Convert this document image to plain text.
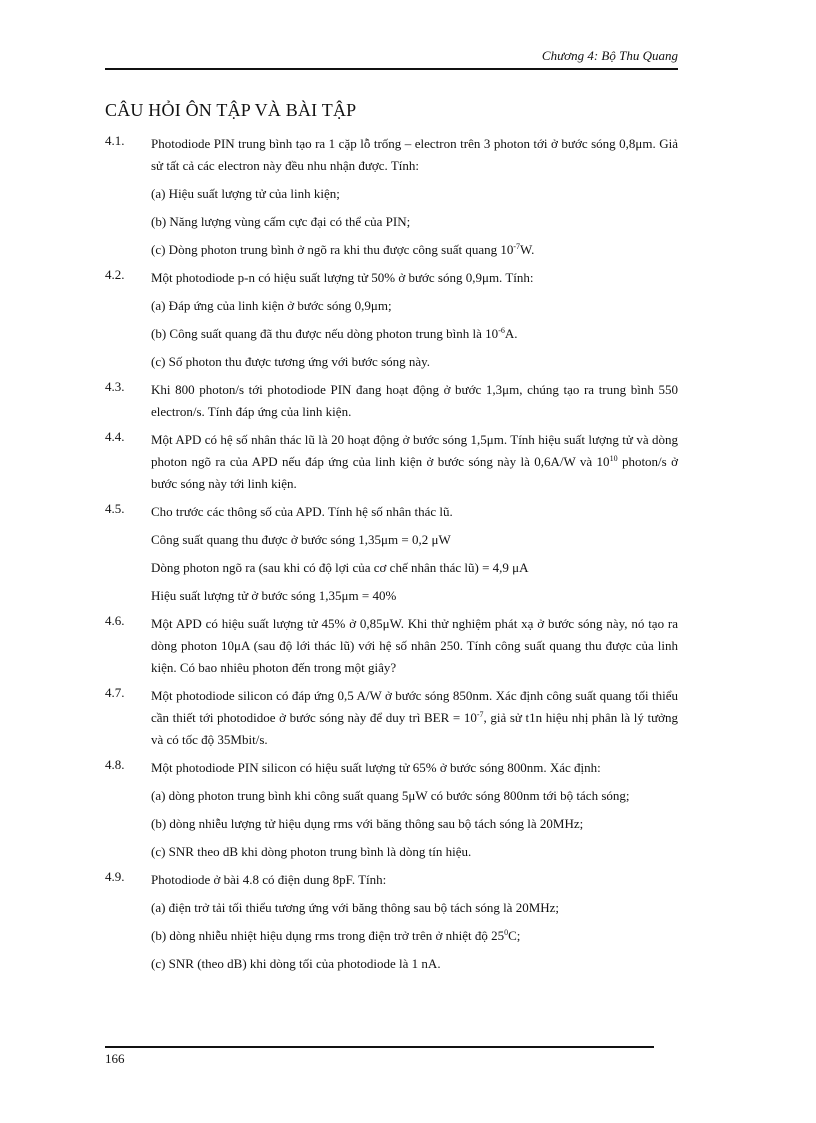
Chương 4: Bộ Thu Quang
CÂU HỎI ÔN TẬP VÀ BÀI TẬP
4.1. Photodiode PIN trung bình tạo ra 1 cặp lỗ trống – electron trên 3 photon tới ở bước sóng 0,8μm. Giả sử tất cả các electron này đều nhu nhận được. Tính:
(a) Hiệu suất lượng tử của linh kiện;
(b) Năng lượng vùng cấm cực đại có thể của PIN;
(c) Dòng photon trung bình ở ngõ ra khi thu được công suất quang $10^{-7}W$.
4.2. Một photodiode p-n có hiệu suất lượng tử 50% ở bước sóng 0,9μm. Tính:
(a) Đáp ứng của linh kiện ở bước sóng 0,9μm;
(b) Công suất quang đã thu được nếu dòng photon trung bình là $10^{-6}A$.
(c) Số photon thu được tương ứng với bước sóng này.
4.3. Khi 800 photon/s tới photodiode PIN đang hoạt động ở bước 1,3μm, chúng tạo ra trung bình 550 electron/s. Tính đáp ứng của linh kiện.
4.4. Một APD có hệ số nhân thác lũ là 20 hoạt động ở bước sóng 1,5μm. Tính hiệu suất lượng tử và dòng photon ngõ ra của APD nếu đáp ứng của linh kiện ở bước sóng này là 0,6A/W và $10^{10}$ photon/s ở bước sóng này tới linh kiện.
4.5. Cho trước các thông số của APD. Tính hệ số nhân thác lũ.
Công suất quang thu được ở bước sóng 1,35μm = 0,2 μW
Dòng photon ngõ ra (sau khi có độ lợi của cơ chế nhân thác lũ) = 4,9 μA
Hiệu suất lượng tử ở bước sóng 1,35μm = 40%
4.6. Một APD có hiệu suất lượng tử 45% ở 0,85μW. Khi thử nghiệm phát xạ ở bước sóng này, nó tạo ra dòng photon 10μA (sau độ lới thác lũ) với hệ số nhân 250. Tính công suất quang thu được của linh kiện. Có bao nhiêu photon đến trong một giây?
4.7. Một photodiode silicon có đáp ứng 0,5 A/W ở bước sóng 850nm. Xác định công suất quang tối thiểu cần thiết tới photodidoe ở bước sóng này để duy trì BER = $10^{-7}$, giả sử t1n hiệu nhị phân là lý tưởng và có tốc độ 35Mbit/s.
4.8. Một photodiode PIN silicon có hiệu suất lượng tử 65% ở bước sóng 800nm. Xác định:
(a) dòng photon trung bình khi công suất quang 5μW có bước sóng 800nm tới bộ tách sóng;
(b) dòng nhiễu lượng tử hiệu dụng rms với băng thông sau bộ tách sóng là 20MHz;
(c) SNR theo dB khi dòng photon trung bình là dòng tín hiệu.
4.9. Photodiode ở bài 4.8 có điện dung 8pF. Tính:
(a) điện trở tải tối thiểu tương ứng với băng thông sau bộ tách sóng là 20MHz;
(b) dòng nhiễu nhiệt hiệu dụng rms trong điện trở trên ở nhiệt độ $25^0C$;
(c) SNR (theo dB) khi dòng tối của photodiode là 1 nA.
166
